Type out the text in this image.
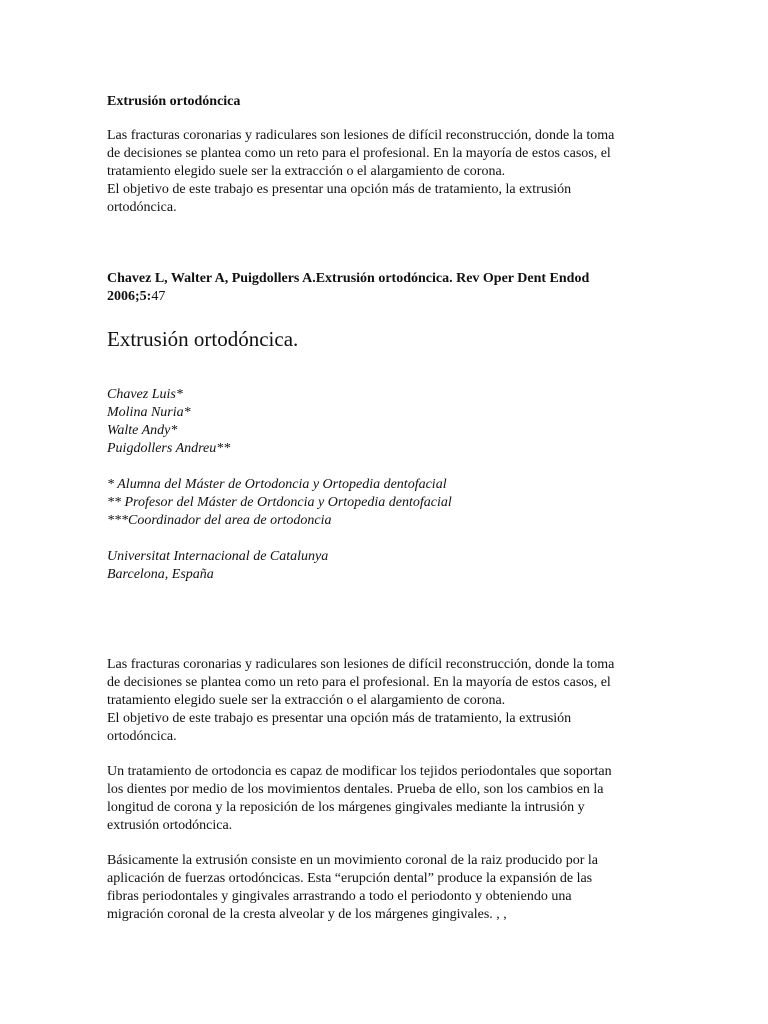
Extrusión ortodóncica

Las fracturas coronarias y radiculares son lesiones de difícil reconstrucción, donde la toma
de decisiones se plantea como un reto para el profesional. En la mayoría de estos casos, el
tratamiento elegido suele ser la extracción o el alargamiento de corona.
El objetivo de este trabajo es presentar una opción más de tratamiento, la extrusión
ortodóncica.

Chavez L, Walter A, Puigdollers A.Extrusión ortodóncica. Rev Oper Dent Endod
2006;5:47

Extrusión ortodóncica.

Chavez Luis*
Molina Nuria*
Walte Andy*
Puigdollers Andreu**

* Alumna del Máster de Ortodoncia y Ortopedia dentofacial
** Profesor del Máster de Ortdoncia y Ortopedia dentofacial
***Coordinador del area de ortodoncia

Universitat Internacional de Catalunya
Barcelona, España

Las fracturas coronarias y radiculares son lesiones de difícil reconstrucción, donde la toma
de decisiones se plantea como un reto para el profesional. En la mayoría de estos casos, el
tratamiento elegido suele ser la extracción o el alargamiento de corona.
El objetivo de este trabajo es presentar una opción más de tratamiento, la extrusión
ortodóncica.

Un tratamiento de ortodoncia es capaz de modificar los tejidos periodontales que soportan
los dientes por medio de los movimientos dentales. Prueba de ello, son los cambios en la
longitud de corona y la reposición de los márgenes gingivales mediante la intrusión y
extrusión ortodóncica.

Básicamente la extrusión consiste en un movimiento coronal de la raiz producido por la
aplicación de fuerzas ortodóncicas. Esta “erupción dental” produce la expansión de las
fibras periodontales y gingivales arrastrando a todo el periodonto y obteniendo una
migración coronal de la cresta alveolar y de los márgenes gingivales. , ,
